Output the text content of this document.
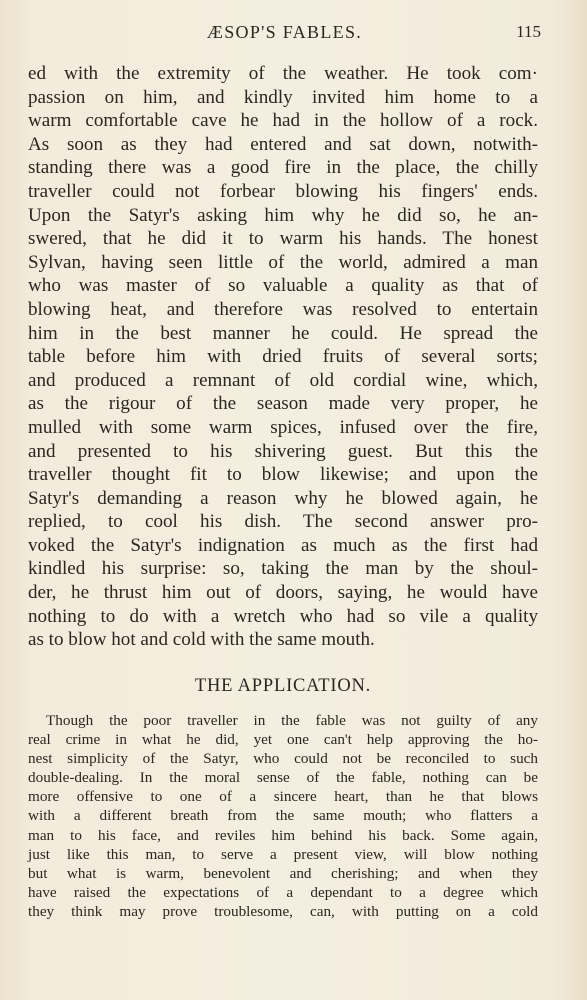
ÆSOP'S FABLES.	115
ed with the extremity of the weather. He took com·
passion on him, and kindly invited him home to a
warm comfortable cave he had in the hollow of a rock.
As soon as they had entered and sat down, notwith-
standing there was a good fire in the place, the chilly
traveller could not forbear blowing his fingers' ends.
Upon the Satyr's asking him why he did so, he an-
swered, that he did it to warm his hands. The honest
Sylvan, having seen little of the world, admired a man
who was master of so valuable a quality as that of
blowing heat, and therefore was resolved to entertain
him in the best manner he could. He spread the
table before him with dried fruits of several sorts;
and produced a remnant of old cordial wine, which,
as the rigour of the season made very proper, he
mulled with some warm spices, infused over the fire,
and presented to his shivering guest. But this the
traveller thought fit to blow likewise; and upon the
Satyr's demanding a reason why he blowed again, he
replied, to cool his dish. The second answer pro-
voked the Satyr's indignation as much as the first had
kindled his surprise: so, taking the man by the shoul-
der, he thrust him out of doors, saying, he would have
nothing to do with a wretch who had so vile a quality
as to blow hot and cold with the same mouth.
THE APPLICATION.
Though the poor traveller in the fable was not guilty of any
real crime in what he did, yet one can't help approving the ho-
nest simplicity of the Satyr, who could not be reconciled to such
double-dealing. In the moral sense of the fable, nothing can be
more offensive to one of a sincere heart, than he that blows
with a different breath from the same mouth; who flatters a
man to his face, and reviles him behind his back. Some again,
just like this man, to serve a present view, will blow nothing
but what is warm, benevolent and cherishing; and when they
have raised the expectations of a dependant to a degree which
they think may prove troublesome, can, with putting on a cold
